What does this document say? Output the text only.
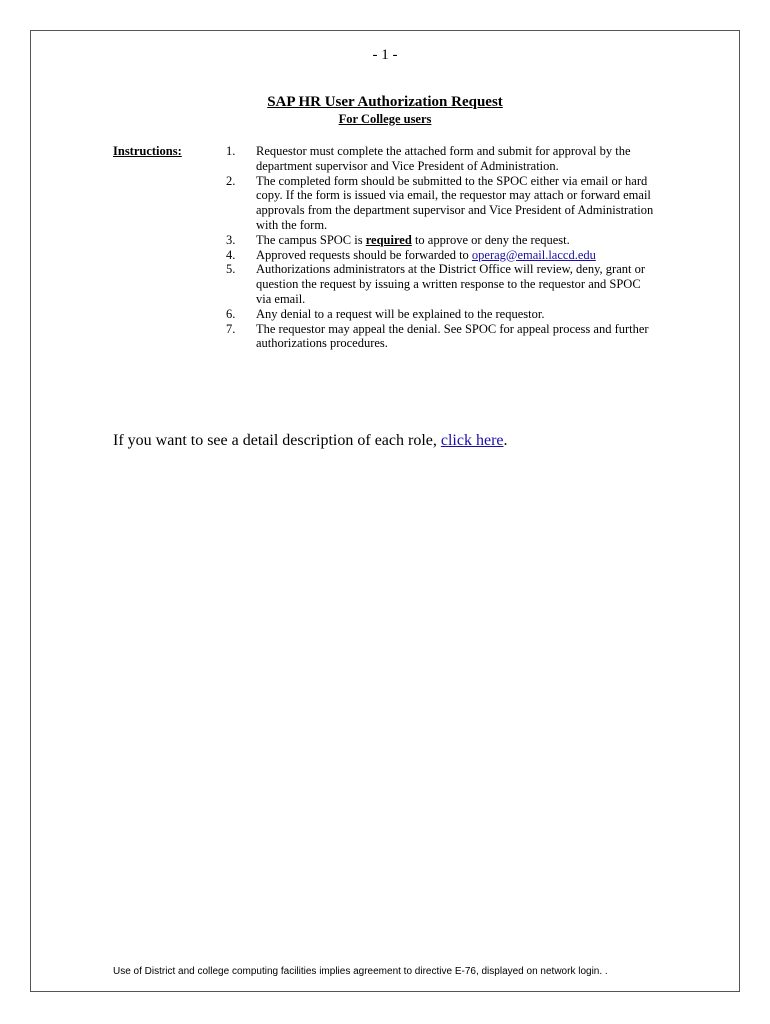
- 1 -
SAP HR User Authorization Request
For College users
Instructions:	1.	Requestor must complete the attached form and submit for approval by the department supervisor and Vice President of Administration.
2.	The completed form should be submitted to the SPOC either via email or hard copy. If the form is issued via email, the requestor may attach or forward email approvals from the department supervisor and Vice President of Administration with the form.
3.	The campus SPOC is required to approve or deny the request.
4.	Approved requests should be forwarded to operag@email.laccd.edu
5.	Authorizations administrators at the District Office will review, deny, grant or question the request by issuing a written response to the requestor and SPOC via email.
6.	Any denial to a request will be explained to the requestor.
7.	The requestor may appeal the denial. See SPOC for appeal process and further authorizations procedures.
If you want to see a detail description of each role, click here.
Use of District and college computing facilities implies agreement to directive E-76, displayed on network login. .
